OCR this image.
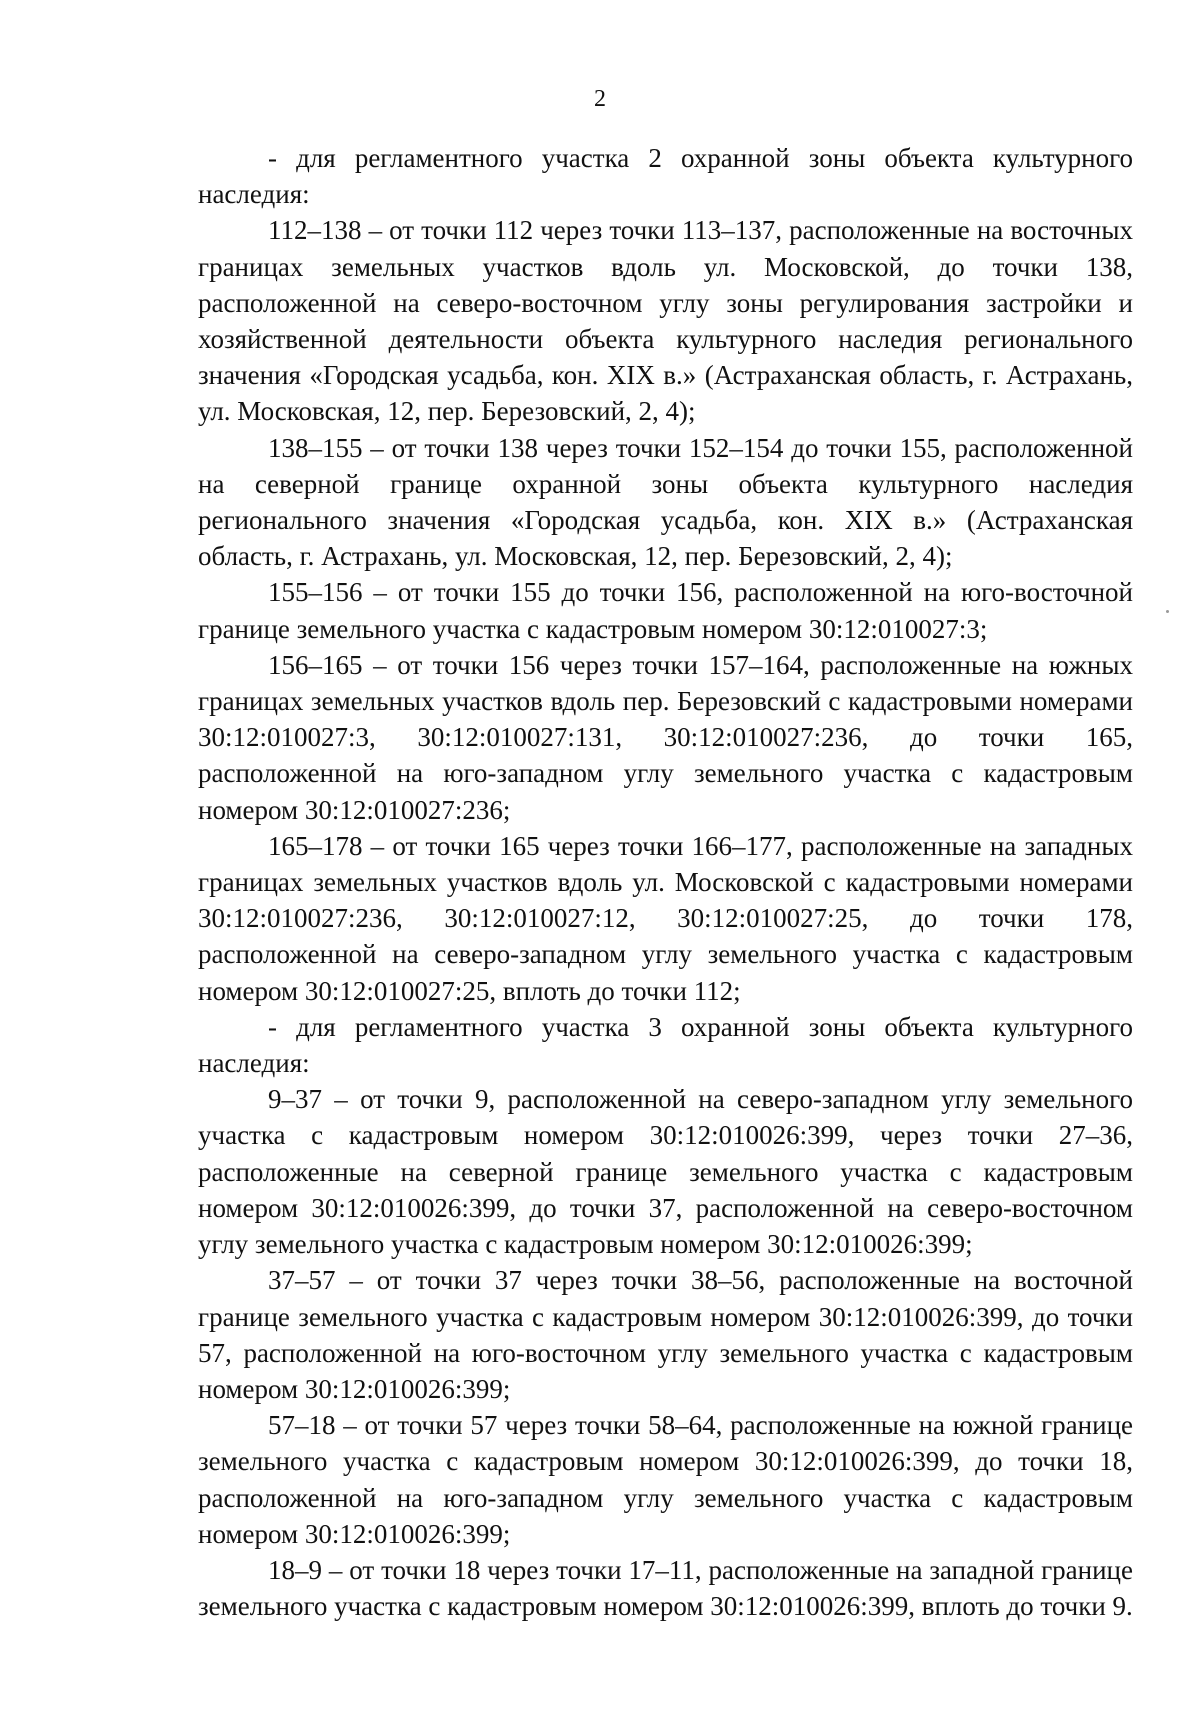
2

- для регламентного участка 2 охранной зоны объекта культурного наследия:

112–138 – от точки 112 через точки 113–137, расположенные на восточных границах земельных участков вдоль ул. Московской, до точки 138, расположенной на северо-восточном углу зоны регулирования застройки и хозяйственной деятельности объекта культурного наследия регионального значения «Городская усадьба, кон. XIX в.» (Астраханская область, г. Астрахань, ул. Московская, 12, пер. Березовский, 2, 4);

138–155 – от точки 138 через точки 152–154 до точки 155, расположенной на северной границе охранной зоны объекта культурного наследия регионального значения «Городская усадьба, кон. XIX в.» (Астраханская область, г. Астрахань, ул. Московская, 12, пер. Березовский, 2, 4);

155–156 – от точки 155 до точки 156, расположенной на юго-восточной границе земельного участка с кадастровым номером 30:12:010027:3;

156–165 – от точки 156 через точки 157–164, расположенные на южных границах земельных участков вдоль пер. Березовский с кадастровыми номерами 30:12:010027:3, 30:12:010027:131, 30:12:010027:236, до точки 165, расположенной на юго-западном углу земельного участка с кадастровым номером 30:12:010027:236;

165–178 – от точки 165 через точки 166–177, расположенные на западных границах земельных участков вдоль ул. Московской с кадастровыми номерами 30:12:010027:236, 30:12:010027:12, 30:12:010027:25, до точки 178, расположенной на северо-западном углу земельного участка с кадастровым номером 30:12:010027:25, вплоть до точки 112;

- для регламентного участка 3 охранной зоны объекта культурного наследия:

9–37 – от точки 9, расположенной на северо-западном углу земельного участка с кадастровым номером 30:12:010026:399, через точки 27–36, расположенные на северной границе земельного участка с кадастровым номером 30:12:010026:399, до точки 37, расположенной на северо-восточном углу земельного участка с кадастровым номером 30:12:010026:399;

37–57 – от точки 37 через точки 38–56, расположенные на восточной границе земельного участка с кадастровым номером 30:12:010026:399, до точки 57, расположенной на юго-восточном углу земельного участка с кадастровым номером 30:12:010026:399;

57–18 – от точки 57 через точки 58–64, расположенные на южной границе земельного участка с кадастровым номером 30:12:010026:399, до точки 18, расположенной на юго-западном углу земельного участка с кадастровым номером 30:12:010026:399;

18–9 – от точки 18 через точки 17–11, расположенные на западной границе земельного участка с кадастровым номером 30:12:010026:399, вплоть до точки 9.
